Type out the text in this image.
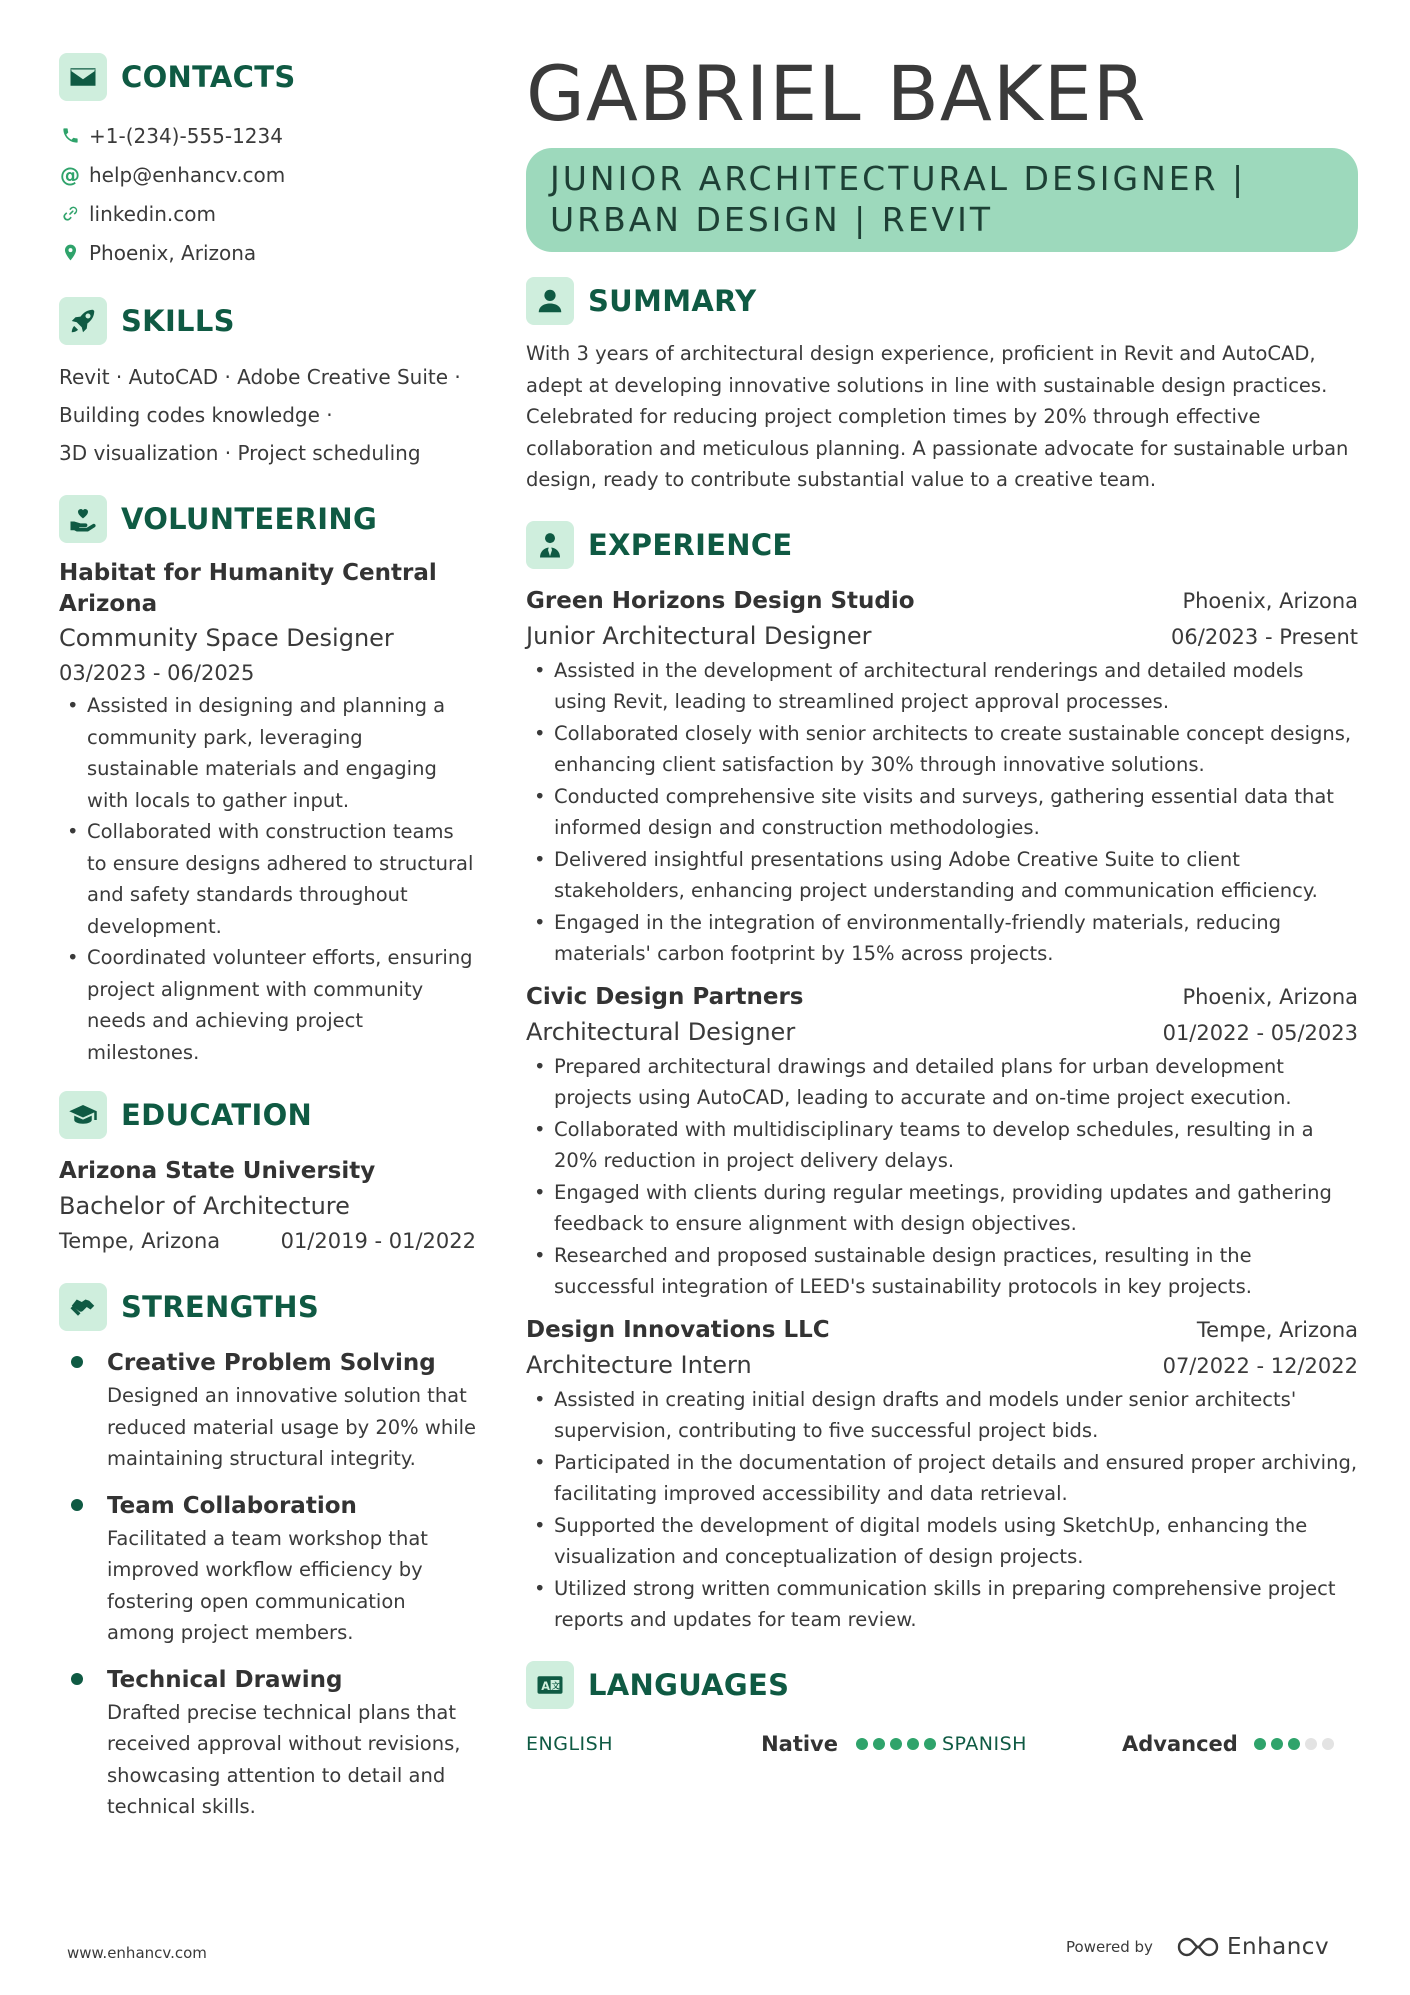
CONTACTS
+1-(234)-555-1234
@ help@enhancv.com
linkedin.com
Phoenix, Arizona
SKILLS
Revit · AutoCAD · Adobe Creative Suite ·
Building codes knowledge ·
3D visualization · Project scheduling
VOLUNTEERING
Habitat for Humanity Central
Arizona
Community Space Designer
03/2023 - 06/2025
• Assisted in designing and planning a community park, leveraging sustainable materials and engaging with locals to gather input.
• Collaborated with construction teams to ensure designs adhered to structural and safety standards throughout development.
• Coordinated volunteer efforts, ensuring project alignment with community needs and achieving project milestones.
EDUCATION
Arizona State University
Bachelor of Architecture
Tempe, Arizona	01/2019 - 01/2022
STRENGTHS
Creative Problem Solving
Designed an innovative solution that reduced material usage by 20% while maintaining structural integrity.
Team Collaboration
Facilitated a team workshop that improved workflow efficiency by fostering open communication among project members.
Technical Drawing
Drafted precise technical plans that received approval without revisions, showcasing attention to detail and technical skills.
GABRIEL BAKER
JUNIOR ARCHITECTURAL DESIGNER |
URBAN DESIGN | REVIT
SUMMARY
With 3 years of architectural design experience, proficient in Revit and AutoCAD, adept at developing innovative solutions in line with sustainable design practices. Celebrated for reducing project completion times by 20% through effective collaboration and meticulous planning. A passionate advocate for sustainable urban design, ready to contribute substantial value to a creative team.
EXPERIENCE
Green Horizons Design Studio	Phoenix, Arizona
Junior Architectural Designer	06/2023 - Present
• Assisted in the development of architectural renderings and detailed models using Revit, leading to streamlined project approval processes.
• Collaborated closely with senior architects to create sustainable concept designs, enhancing client satisfaction by 30% through innovative solutions.
• Conducted comprehensive site visits and surveys, gathering essential data that informed design and construction methodologies.
• Delivered insightful presentations using Adobe Creative Suite to client stakeholders, enhancing project understanding and communication efficiency.
• Engaged in the integration of environmentally-friendly materials, reducing materials' carbon footprint by 15% across projects.
Civic Design Partners	Phoenix, Arizona
Architectural Designer	01/2022 - 05/2023
• Prepared architectural drawings and detailed plans for urban development projects using AutoCAD, leading to accurate and on-time project execution.
• Collaborated with multidisciplinary teams to develop schedules, resulting in a 20% reduction in project delivery delays.
• Engaged with clients during regular meetings, providing updates and gathering feedback to ensure alignment with design objectives.
• Researched and proposed sustainable design practices, resulting in the successful integration of LEED's sustainability protocols in key projects.
Design Innovations LLC	Tempe, Arizona
Architecture Intern	07/2022 - 12/2022
• Assisted in creating initial design drafts and models under senior architects' supervision, contributing to five successful project bids.
• Participated in the documentation of project details and ensured proper archiving, facilitating improved accessibility and data retrieval.
• Supported the development of digital models using SketchUp, enhancing the visualization and conceptualization of design projects.
• Utilized strong written communication skills in preparing comprehensive project reports and updates for team review.
A 文 LANGUAGES
ENGLISH	Native	SPANISH	Advanced
www.enhancv.com	Powered by	Enhancv
